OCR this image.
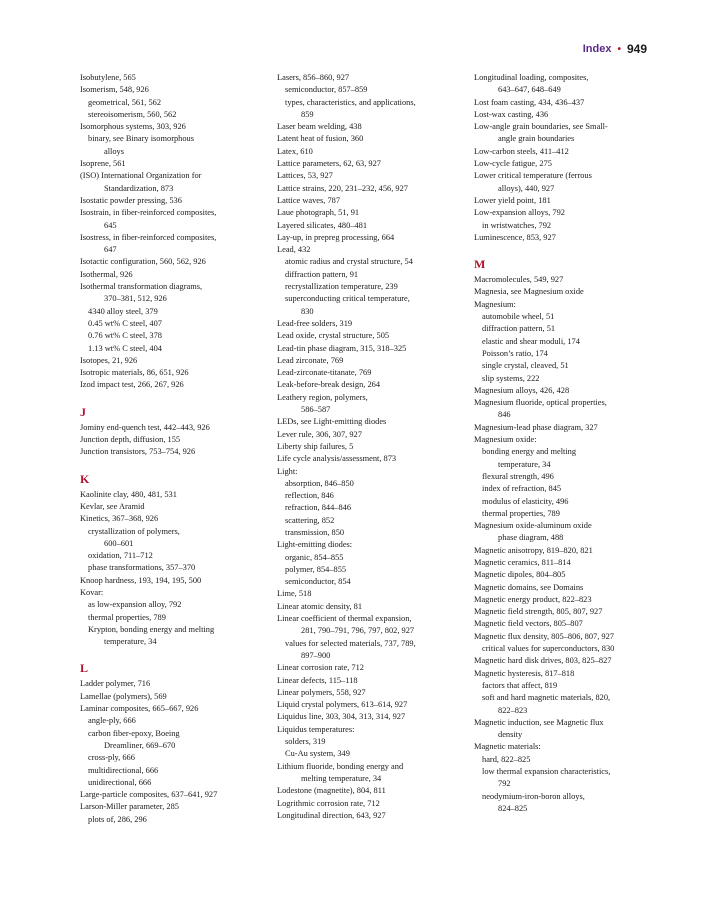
Index • 949
Isobutylene, 565
Isomerism, 548, 926
geometrical, 561, 562
stereoisomerism, 560, 562
Isomorphous systems, 303, 926
binary, see Binary isomorphous
alloys
Isoprene, 561
(ISO) International Organization for
Standardization, 873
Isostatic powder pressing, 536
Isostrain, in fiber-reinforced composites,
645
Isostress, in fiber-reinforced composites,
647
Isotactic configuration, 560, 562, 926
Isothermal, 926
Isothermal transformation diagrams,
370–381, 512, 926
4340 alloy steel, 379
0.45 wt% C steel, 407
0.76 wt% C steel, 378
1.13 wt% C steel, 404
Isotopes, 21, 926
Isotropic materials, 86, 651, 926
Izod impact test, 266, 267, 926
J
Jominy end-quench test, 442–443, 926
Junction depth, diffusion, 155
Junction transistors, 753–754, 926
K
Kaolinite clay, 480, 481, 531
Kevlar, see Aramid
Kinetics, 367–368, 926
crystallization of polymers,
600–601
oxidation, 711–712
phase transformations, 357–370
Knoop hardness, 193, 194, 195, 500
Kovar:
as low-expansion alloy, 792
thermal properties, 789
Krypton, bonding energy and melting
temperature, 34
L
Ladder polymer, 716
Lamellae (polymers), 569
Laminar composites, 665–667, 926
angle-ply, 666
carbon fiber-epoxy, Boeing
Dreamliner, 669–670
cross-ply, 666
multidirectional, 666
unidirectional, 666
Large-particle composites, 637–641, 927
Larson-Miller parameter, 285
plots of, 286, 296
Lasers, 856–860, 927
semiconductor, 857–859
types, characteristics, and applications,
859
Laser beam welding, 438
Latent heat of fusion, 360
Latex, 610
Lattice parameters, 62, 63, 927
Lattices, 53, 927
Lattice strains, 220, 231–232, 456, 927
Lattice waves, 787
Laue photograph, 51, 91
Layered silicates, 480–481
Lay-up, in prepreg processing, 664
Lead, 432
atomic radius and crystal structure, 54
diffraction pattern, 91
recrystallization temperature, 239
superconducting critical temperature,
830
Lead-free solders, 319
Lead oxide, crystal structure, 505
Lead-tin phase diagram, 315, 318–325
Lead zirconate, 769
Lead-zirconate-titanate, 769
Leak-before-break design, 264
Leathery region, polymers,
586–587
LEDs, see Light-emitting diodes
Lever rule, 306, 307, 927
Liberty ship failures, 5
Life cycle analysis/assessment, 873
Light:
absorption, 846–850
reflection, 846
refraction, 844–846
scattering, 852
transmission, 850
Light-emitting diodes:
organic, 854–855
polymer, 854–855
semiconductor, 854
Lime, 518
Linear atomic density, 81
Linear coefficient of thermal expansion,
281, 790–791, 796, 797, 802, 927
values for selected materials, 737, 789,
897–900
Linear corrosion rate, 712
Linear defects, 115–118
Linear polymers, 558, 927
Liquid crystal polymers, 613–614, 927
Liquidus line, 303, 304, 313, 314, 927
Liquidus temperatures:
solders, 319
Cu-Au system, 349
Lithium fluoride, bonding energy and
melting temperature, 34
Lodestone (magnetite), 804, 811
Logrithmic corrosion rate, 712
Longitudinal direction, 643, 927
Longitudinal loading, composites,
643–647, 648–649
Lost foam casting, 434, 436–437
Lost-wax casting, 436
Low-angle grain boundaries, see Small-
angle grain boundaries
Low-carbon steels, 411–412
Low-cycle fatigue, 275
Lower critical temperature (ferrous
alloys), 440, 927
Lower yield point, 181
Low-expansion alloys, 792
in wristwatches, 792
Luminescence, 853, 927
M
Macromolecules, 549, 927
Magnesia, see Magnesium oxide
Magnesium:
automobile wheel, 51
diffraction pattern, 51
elastic and shear moduli, 174
Poisson’s ratio, 174
single crystal, cleaved, 51
slip systems, 222
Magnesium alloys, 426, 428
Magnesium fluoride, optical properties,
846
Magnesium-lead phase diagram, 327
Magnesium oxide:
bonding energy and melting
temperature, 34
flexural strength, 496
index of refraction, 845
modulus of elasticity, 496
thermal properties, 789
Magnesium oxide-aluminum oxide
phase diagram, 488
Magnetic anisotropy, 819–820, 821
Magnetic ceramics, 811–814
Magnetic dipoles, 804–805
Magnetic domains, see Domains
Magnetic energy product, 822–823
Magnetic field strength, 805, 807, 927
Magnetic field vectors, 805–807
Magnetic flux density, 805–806, 807, 927
critical values for superconductors, 830
Magnetic hard disk drives, 803, 825–827
Magnetic hysteresis, 817–818
factors that affect, 819
soft and hard magnetic materials, 820,
822–823
Magnetic induction, see Magnetic flux
density
Magnetic materials:
hard, 822–825
low thermal expansion characteristics,
792
neodymium-iron-boron alloys,
824–825
